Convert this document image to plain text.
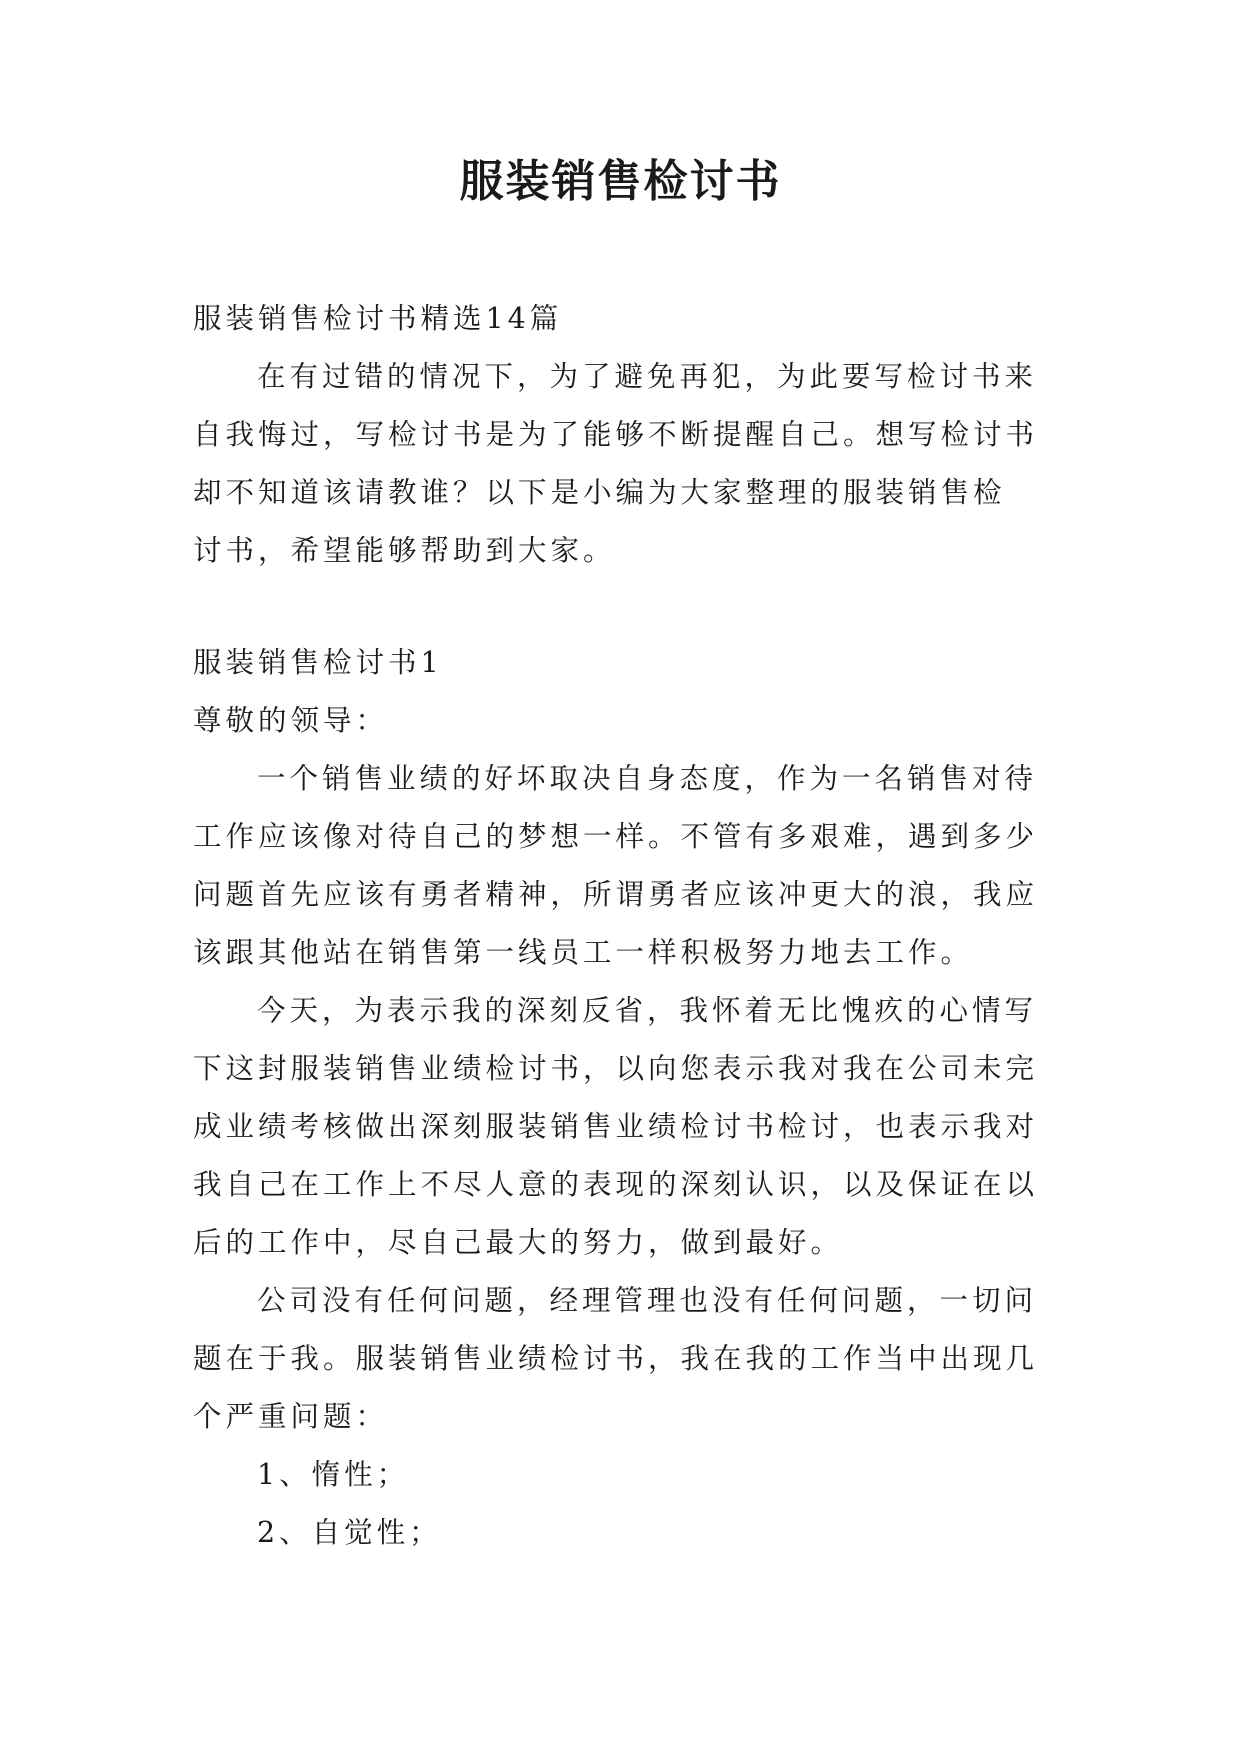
服装销售检讨书

服装销售检讨书精选14篇

在有过错的情况下，为了避免再犯，为此要写检讨书来

自我悔过，写检讨书是为了能够不断提醒自己。想写检讨书

却不知道该请教谁？以下是小编为大家整理的服装销售检

讨书，希望能够帮助到大家。

服装销售检讨书1

尊敬的领导：

一个销售业绩的好坏取决自身态度，作为一名销售对待

工作应该像对待自己的梦想一样。不管有多艰难，遇到多少

问题首先应该有勇者精神，所谓勇者应该冲更大的浪，我应

该跟其他站在销售第一线员工一样积极努力地去工作。

今天，为表示我的深刻反省，我怀着无比愧疚的心情写

下这封服装销售业绩检讨书，以向您表示我对我在公司未完

成业绩考核做出深刻服装销售业绩检讨书检讨，也表示我对

我自己在工作上不尽人意的表现的深刻认识，以及保证在以

后的工作中，尽自己最大的努力，做到最好。

公司没有任何问题，经理管理也没有任何问题，一切问

题在于我。服装销售业绩检讨书，我在我的工作当中出现几

个严重问题：

1、惰性；

2、自觉性；
